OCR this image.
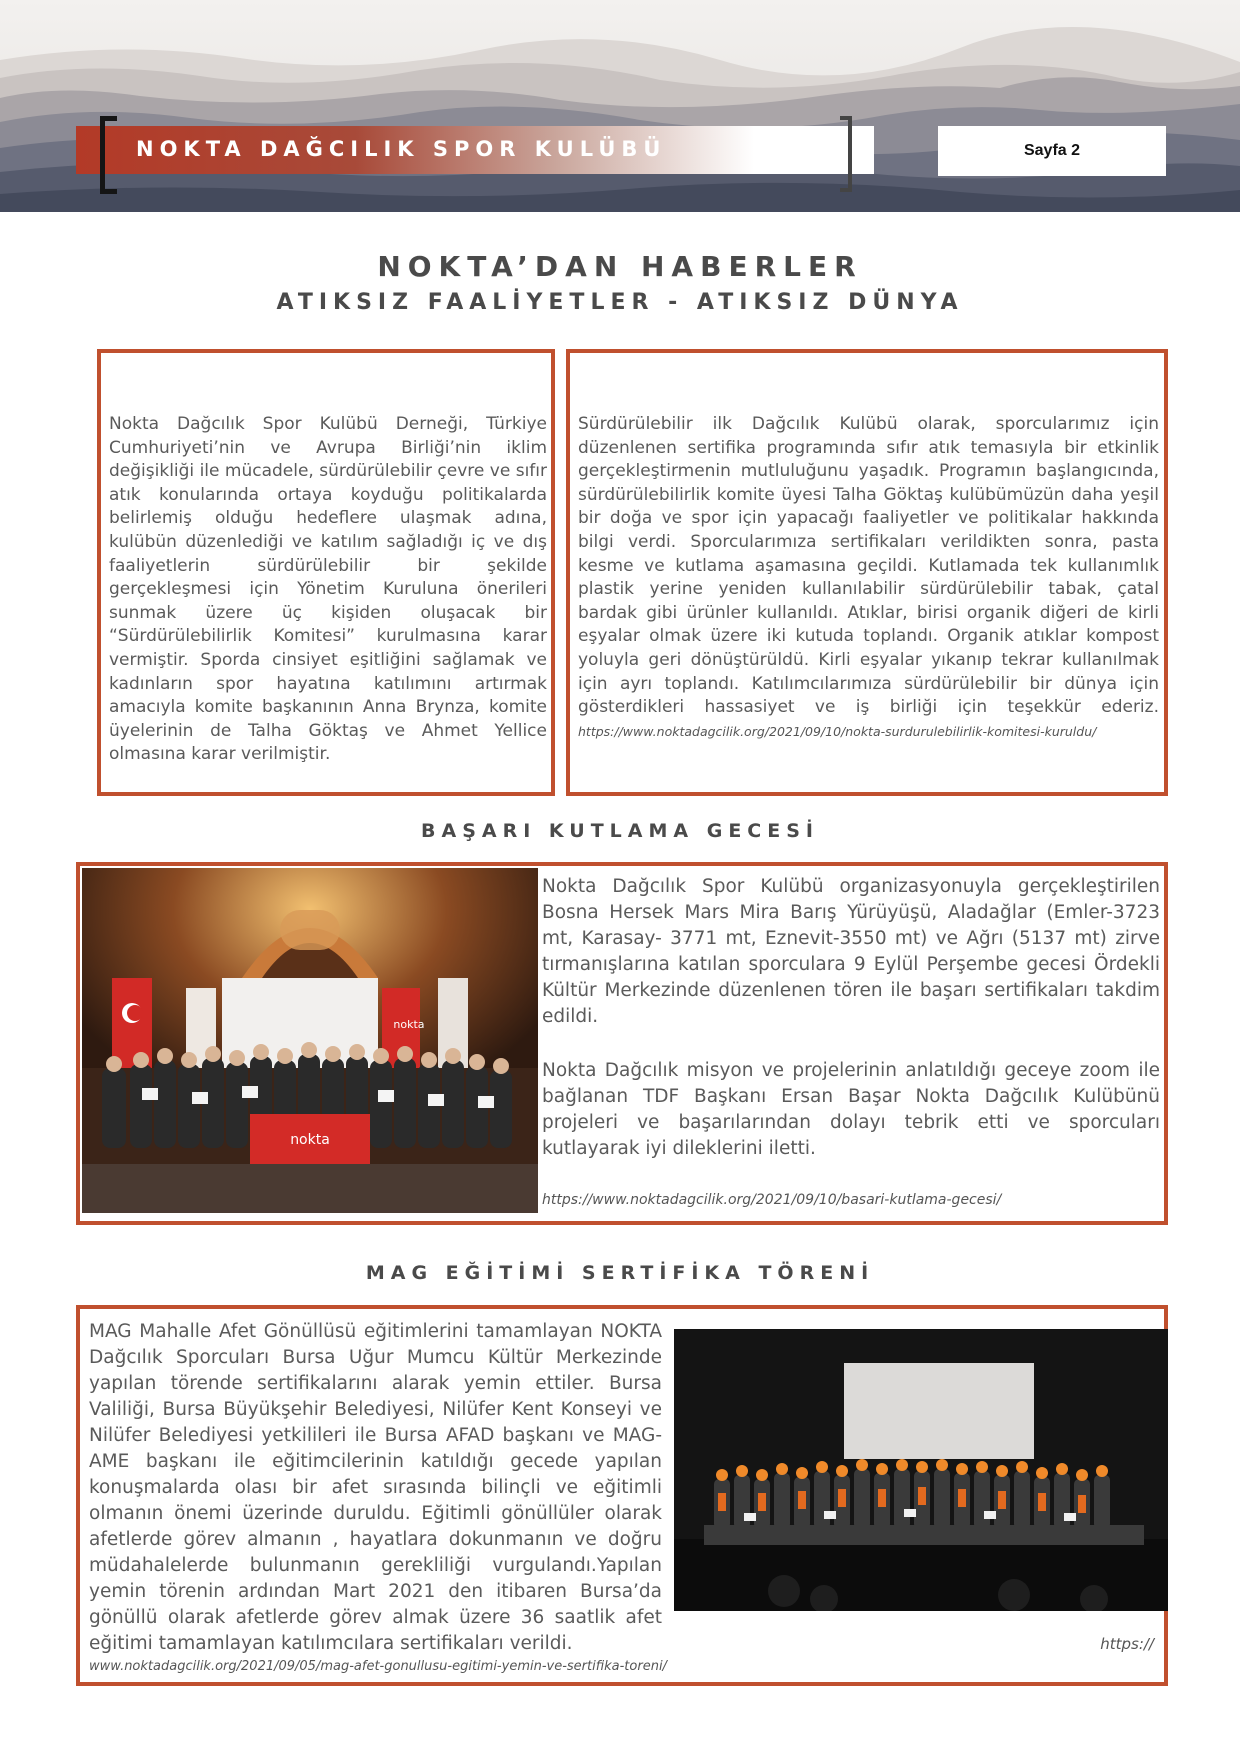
NOKTA DAĞCILIK SPOR KULÜBÜ	Sayfa 2
NOKTA’DAN HABERLER
ATIKSIZ FAALİYETLER - ATIKSIZ DÜNYA
Nokta Dağcılık Spor Kulübü Derneği, Türkiye Cumhuriyeti’nin ve Avrupa Birliği’nin iklim değişikliği ile mücadele, sürdürülebilir çevre ve sıfır atık konularında ortaya koyduğu politikalarda belirlemiş olduğu hedeflere ulaşmak adına, kulübün düzenlediği ve katılım sağladığı iç ve dış faaliyetlerin sürdürülebilir bir şekilde gerçekleşmesi için Yönetim Kuruluna önerileri sunmak üzere üç kişiden oluşacak bir “Sürdürülebilirlik Komitesi” kurulmasına karar vermiştir. Sporda cinsiyet eşitliğini sağlamak ve kadınların spor hayatına katılımını artırmak amacıyla komite başkanının Anna Brynza, komite üyelerinin de Talha Göktaş ve Ahmet Yellice olmasına karar verilmiştir.
Sürdürülebilir ilk Dağcılık Kulübü olarak, sporcularımız için düzenlenen sertifika programında sıfır atık temasıyla bir etkinlik gerçekleştirmenin mutluluğunu yaşadık. Programın başlangıcında, sürdürülebilirlik komite üyesi Talha Göktaş kulübümüzün daha yeşil bir doğa ve spor için yapacağı faaliyetler ve politikalar hakkında bilgi verdi. Sporcularımıza sertifikaları verildikten sonra, pasta kesme ve kutlama aşamasına geçildi. Kutlamada tek kullanımlık plastik yerine yeniden kullanılabilir sürdürülebilir tabak, çatal bardak gibi ürünler kullanıldı. Atıklar, birisi organik diğeri de kirli eşyalar olmak üzere iki kutuda toplandı. Organik atıklar kompost yoluyla geri dönüştürüldü. Kirli eşyalar yıkanıp tekrar kullanılmak için ayrı toplandı. Katılımcılarımıza sürdürülebilir bir dünya için gösterdikleri hassasiyet ve iş birliği için teşekkür ederiz. https://www.noktadagcilik.org/2021/09/10/nokta-surdurulebilirlik-komitesi-kuruldu/
BAŞARI KUTLAMA GECESİ
nokta
nokta
Nokta Dağcılık Spor Kulübü organizasyonuyla gerçekleştirilen Bosna Hersek Mars Mira Barış Yürüyüşü, Aladağlar (Emler-3723 mt, Karasay- 3771 mt, Eznevit-3550 mt) ve Ağrı (5137 mt) zirve tırmanışlarına katılan sporculara 9 Eylül Perşembe gecesi Ördekli Kültür Merkezinde düzenlenen tören ile başarı sertifikaları takdim edildi.
Nokta Dağcılık misyon ve projelerinin anlatıldığı geceye zoom ile bağlanan TDF Başkanı Ersan Başar Nokta Dağcılık Kulübünü projeleri ve başarılarından dolayı tebrik etti ve sporcuları kutlayarak iyi dileklerini iletti.
https://www.noktadagcilik.org/2021/09/10/basari-kutlama-gecesi/
MAG EĞİTİMİ SERTİFİKA TÖRENİ
MAG Mahalle Afet Gönüllüsü eğitimlerini tamamlayan NOKTA Dağcılık Sporcuları Bursa Uğur Mumcu Kültür Merkezinde yapılan törende sertifikalarını alarak yemin ettiler. Bursa Valiliği, Bursa Büyükşehir Belediyesi, Nilüfer Kent Konseyi ve Nilüfer Belediyesi yetkilileri ile Bursa AFAD başkanı ve MAG-AME başkanı ile eğitimcilerinin katıldığı gecede yapılan konuşmalarda olası bir afet sırasında bilinçli ve eğitimli olmanın önemi üzerinde duruldu. Eğitimli gönüllüler olarak afetlerde görev almanın , hayatlara dokunmanın ve doğru müdahalelerde bulunmanın gerekliliği vurgulandı.Yapılan yemin törenin ardından Mart 2021 den itibaren Bursa’da gönüllü olarak afetlerde görev almak üzere 36 saatlik afet eğitimi tamamlayan katılımcılara sertifikaları verildi.	https://
www.noktadagcilik.org/2021/09/05/mag-afet-gonullusu-egitimi-yemin-ve-sertifika-toreni/
